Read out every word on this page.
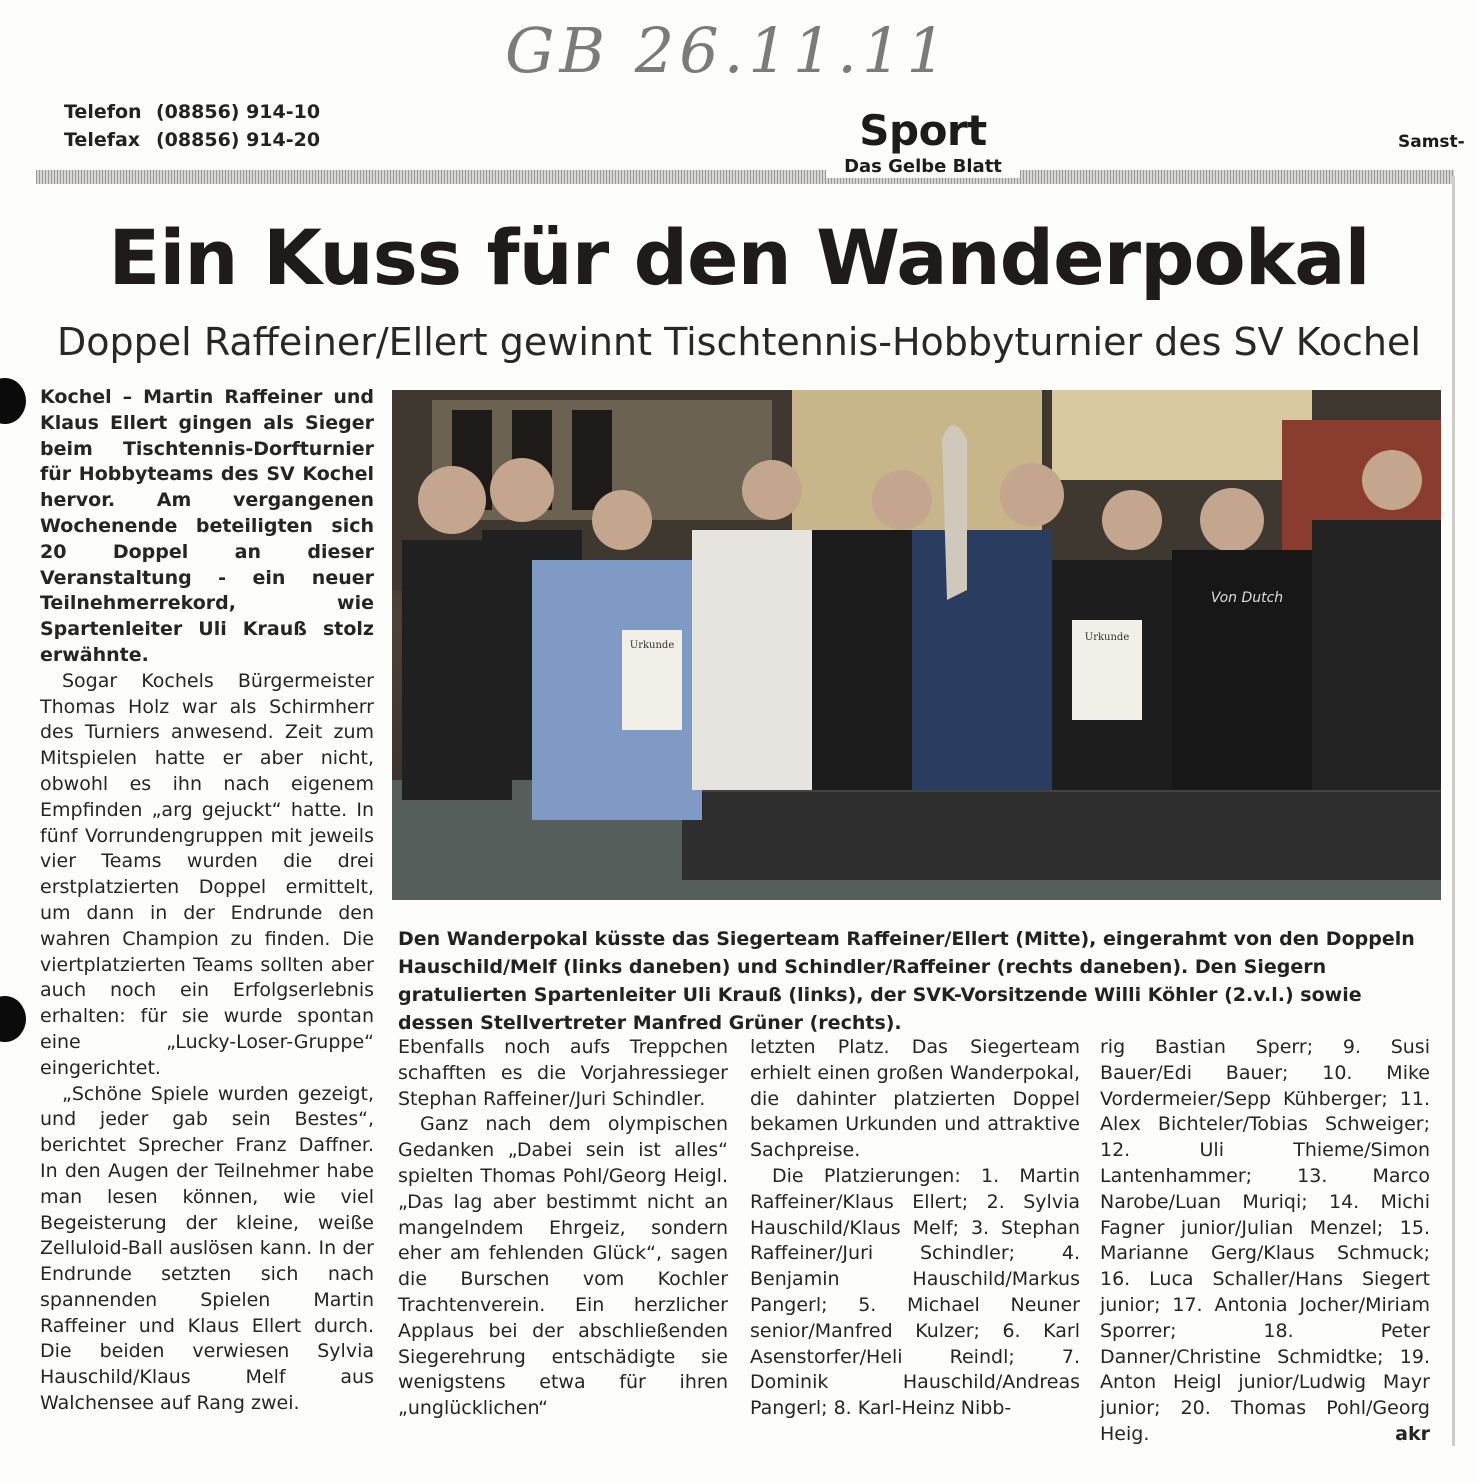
GB 26.11.11
Telefon (08856) 914-10
Telefax (08856) 914-20	Sport
Das Gelbe Blatt
Samst-
Ein Kuss für den Wanderpokal
Doppel Raffeiner/Ellert gewinnt Tischtennis-Hobbyturnier des SV Kochel

Kochel – Martin Raffeiner und Klaus Ellert gingen als Sieger beim Tischtennis-Dorfturnier für Hobbyteams des SV Kochel hervor. Am vergangenen Wochenende beteiligten sich 20 Doppel an dieser Veranstaltung - ein neuer Teilnehmerrekord, wie Spartenleiter Uli Krauß stolz erwähnte.

Sogar Kochels Bürgermeister Thomas Holz war als Schirmherr des Turniers anwesend. Zeit zum Mitspielen hatte er aber nicht, obwohl es ihn nach eigenem Empfinden „arg gejuckt“ hatte. In fünf Vorrundengruppen mit jeweils vier Teams wurden die drei erstplatzierten Doppel ermittelt, um dann in der Endrunde den wahren Champion zu finden. Die viertplatzierten Teams sollten aber auch noch ein Erfolgserlebnis erhalten: für sie wurde spontan eine „Lucky-Loser-Gruppe“ eingerichtet.

„Schöne Spiele wurden gezeigt, und jeder gab sein Bestes“, berichtet Sprecher Franz Daffner. In den Augen der Teilnehmer habe man lesen können, wie viel Begeisterung der kleine, weiße Zelluloid-Ball auslösen kann. In der Endrunde setzten sich nach spannenden Spielen Martin Raffeiner und Klaus Ellert durch. Die beiden verwiesen Sylvia Hauschild/Klaus Melf aus Walchensee auf Rang zwei.

Urkunde
Urkunde
Von Dutch
Den Wanderpokal küsste das Siegerteam Raffeiner/Ellert (Mitte), eingerahmt von den Doppeln Hauschild/Melf (links daneben) und Schindler/Raffeiner (rechts daneben). Den Siegern gratulierten Spartenleiter Uli Krauß (links), der SVK-Vorsitzende Willi Köhler (2.v.l.) sowie dessen Stellvertreter Manfred Grüner (rechts).

Ebenfalls noch aufs Treppchen schafften es die Vorjahressieger Stephan Raffeiner/Juri Schindler.

Ganz nach dem olympischen Gedanken „Dabei sein ist alles“ spielten Thomas Pohl/Georg Heigl. „Das lag aber bestimmt nicht an mangelndem Ehrgeiz, sondern eher am fehlenden Glück“, sagen die Burschen vom Kochler Trachtenverein. Ein herzlicher Applaus bei der abschließenden Siegerehrung entschädigte sie wenigstens etwa für ihren „unglücklichen“

letzten Platz. Das Siegerteam erhielt einen großen Wanderpokal, die dahinter platzierten Doppel bekamen Urkunden und attraktive Sachpreise.

Die Platzierungen: 1. Martin Raffeiner/Klaus Ellert; 2. Sylvia Hauschild/Klaus Melf; 3. Stephan Raffeiner/Juri Schindler; 4. Benjamin Hauschild/Markus Pangerl; 5. Michael Neuner senior/Manfred Kulzer; 6. Karl Asenstorfer/Heli Reindl; 7. Dominik Hauschild/Andreas Pangerl; 8. Karl-Heinz Nibb-

rig Bastian Sperr; 9. Susi Bauer/Edi Bauer; 10. Mike Vordermeier/Sepp Kühberger; 11. Alex Bichteler/Tobias Schweiger; 12. Uli Thieme/Simon Lantenhammer; 13. Marco Narobe/Luan Muriqi; 14. Michi Fagner junior/Julian Menzel; 15. Marianne Gerg/Klaus Schmuck; 16. Luca Schaller/Hans Siegert junior; 17. Antonia Jocher/Miriam Sporrer; 18. Peter Danner/Christine Schmidtke; 19. Anton Heigl junior/Ludwig Mayr junior; 20. Thomas Pohl/Georg Heig.	akr
